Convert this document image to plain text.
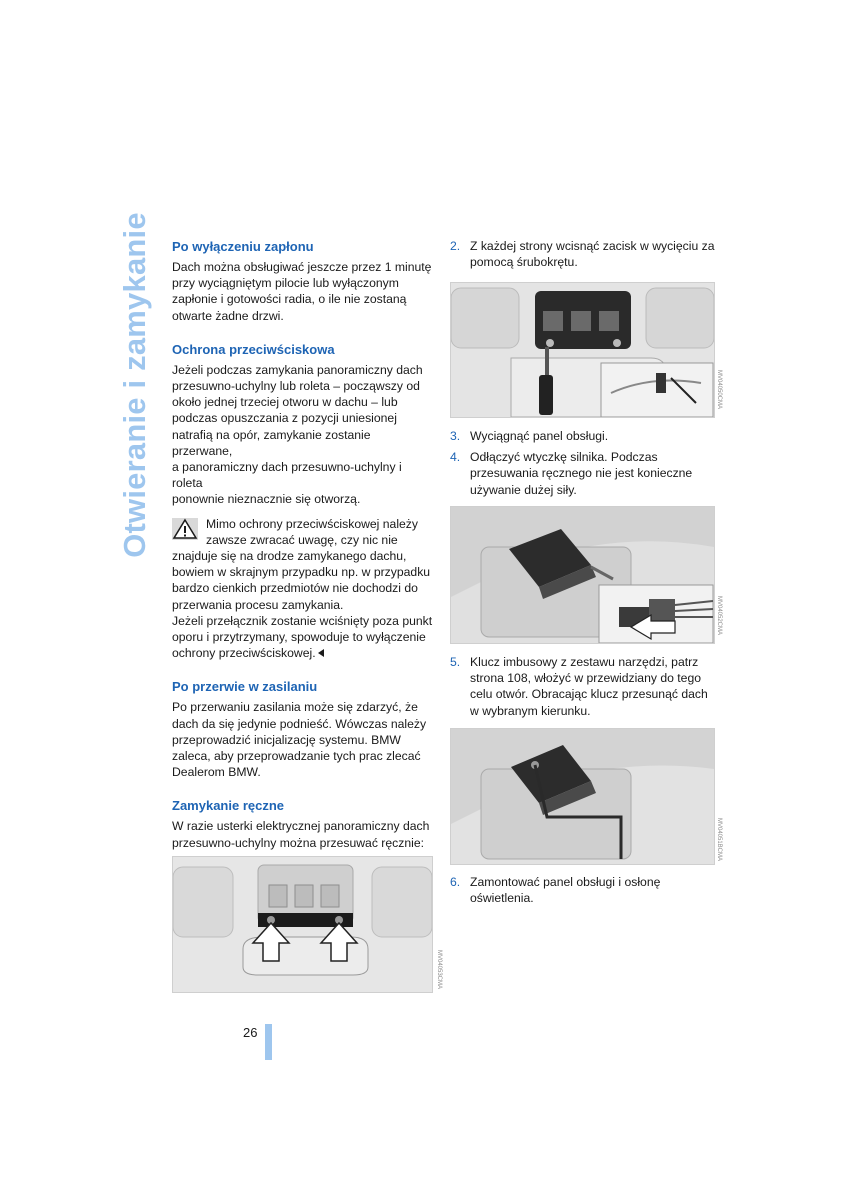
Otwieranie i zamykanie Po wyłączeniu zapłonu

Dach można obsługiwać jeszcze przez 1 minutę
przy wyciągniętym pilocie lub wyłączonym
zapłonie i gotowości radia, o ile nie zostaną
otwarte żadne drzwi.

Ochrona przeciwściskowa

Jeżeli podczas zamykania panoramiczny dach
przesuwno-uchylny lub roleta – począwszy od
około jednej trzeciej otworu w dachu – lub
podczas opuszczania z pozycji uniesionej
natrafią na opór, zamykanie zostanie przerwane,
a panoramiczny dach przesuwno-uchylny i roleta
ponownie nieznacznie się otworzą.

Mimo ochrony przeciwściskowej należy
zawsze zwracać uwagę, czy nic nie
znajduje się na drodze zamykanego dachu,
bowiem w skrajnym przypadku np. w przypadku
bardzo cienkich przedmiotów nie dochodzi do
przerwania procesu zamykania.
Jeżeli przełącznik zostanie wciśnięty poza punkt
oporu i przytrzymany, spowoduje to wyłączenie
ochrony przeciwściskowej.
Po przerwie w zasilaniu

Po przerwaniu zasilania może się zdarzyć, że
dach da się jedynie podnieść. Wówczas należy
przeprowadzić inicjalizację systemu. BMW
zaleca, aby przeprowadzanie tych prac zlecać
Dealerom BMW.

Zamykanie ręczne

W razie usterki elektrycznej panoramiczny dach
przesuwno-uchylny można przesuwać ręcznie:

2. Z każdej strony wcisnąć zacisk w wycięciu za
pomocą śrubokrętu.
3. Wyciągnąć panel obsługi.
4. Odłączyć wtyczkę silnika. Podczas
przesuwania ręcznego nie jest konieczne
używanie dużej siły.
5. Klucz imbusowy z zestawu narzędzi, patrz
strona 108, włożyć w przewidziany do tego
celu otwór. Obracając klucz przesunąć dach
w wybranym kierunku.
6. Zamontować panel obsługi i osłonę
oświetlenia.
MV04053CMA
MV04050CMA
MV04052CMA
MV04051BCMA
26
